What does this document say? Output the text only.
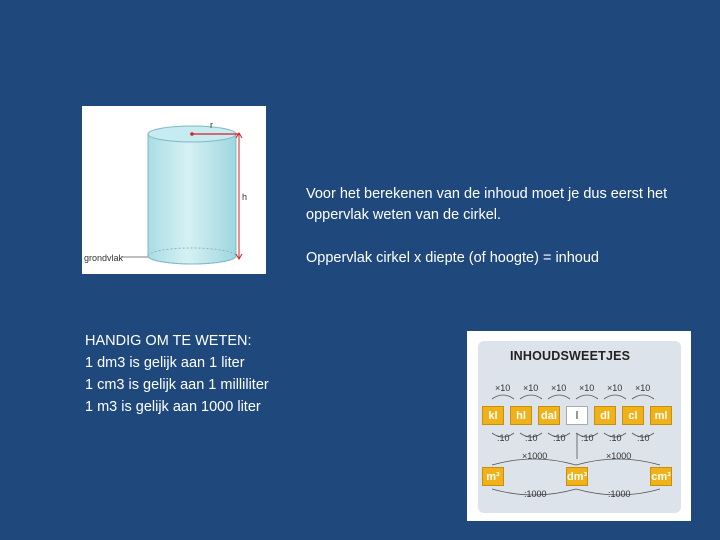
r
h
grondvlak

Voor het berekenen van de inhoud moet je dus eerst het oppervlak weten van de cirkel.

Oppervlak cirkel x diepte (of hoogte) = inhoud

HANDIG OM TE WETEN:
1 dm3 is gelijk aan 1 liter
1 cm3 is gelijk aan 1 milliliter
1 m3 is gelijk aan 1000 liter
INHOUDSWEETJES
kl	hl	dal	l	dl	cl	ml
×10 ×10 ×10 ×10 ×10 ×10
:10 :10 :10 :10 :10 :10
m³	dm³	cm³
×1000	×1000
:1000	:1000
